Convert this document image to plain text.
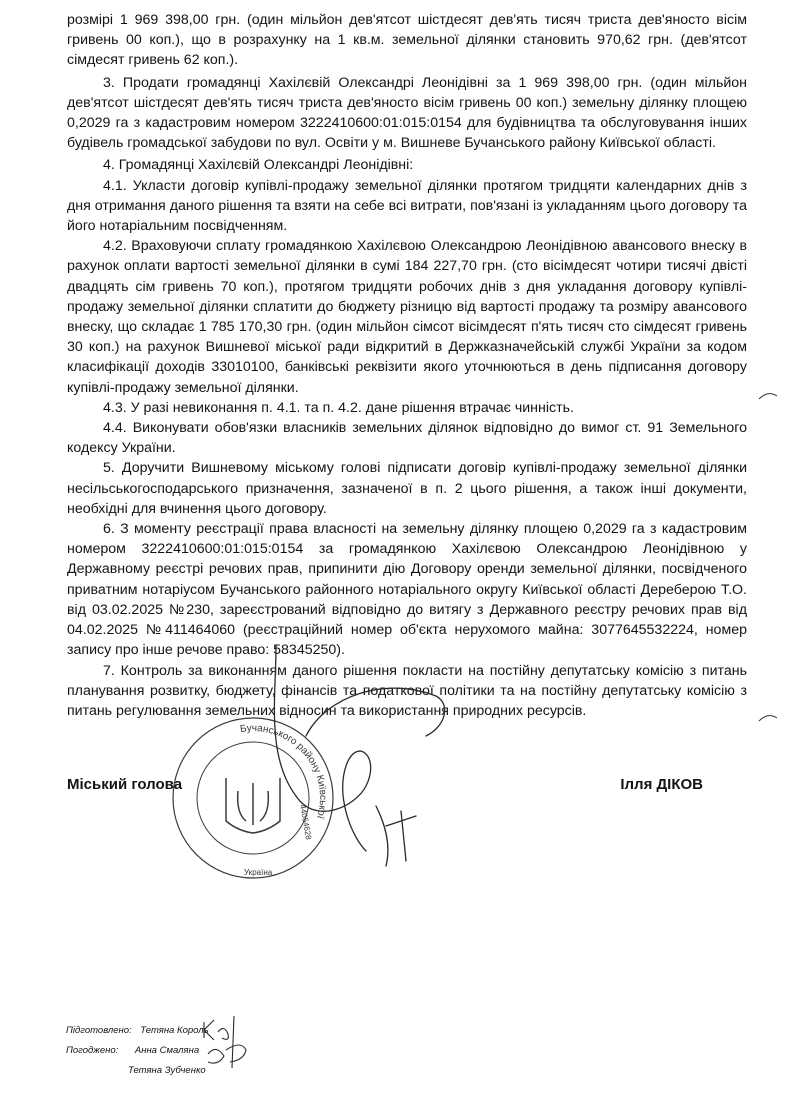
розмірі 1 969 398,00 грн. (один мільйон дев'ятсот шістдесят дев'ять тисяч триста дев'яносто вісім гривень 00 коп.), що в розрахунку на 1 кв.м. земельної ділянки становить 970,62 грн. (дев'ятсот сімдесят гривень 62 коп.).

3. Продати громадянці Хахілєвій Олександрі Леонідівні за 1 969 398,00 грн. (один мільйон дев'ятсот шістдесят дев'ять тисяч триста дев'яносто вісім гривень 00 коп.) земельну ділянку площею 0,2029 га з кадастровим номером 3222410600:01:015:0154 для будівництва та обслуговування інших будівель громадської забудови по вул. Освіти у м. Вишневе Бучанського району Київської області.

4. Громадянці Хахілєвій Олександрі Леонідівні:

4.1. Укласти договір купівлі-продажу земельної ділянки протягом тридцяти календарних днів з дня отримання даного рішення та взяти на себе всі витрати, пов'язані із укладанням цього договору та його нотаріальним посвідченням.

4.2. Враховуючи сплату громадянкою Хахілєвою Олександрою Леонідівною авансового внеску в рахунок оплати вартості земельної ділянки в сумі 184 227,70 грн. (сто вісімдесят чотири тисячі двісті двадцять сім гривень 70 коп.), протягом тридцяти робочих днів з дня укладання договору купівлі-продажу земельної ділянки сплатити до бюджету різницю від вартості продажу та розміру авансового внеску, що складає 1 785 170,30 грн. (один мільйон сімсот вісімдесят п'ять тисяч сто сімдесят гривень 30 коп.) на рахунок Вишневої міської ради відкритий в Держказначейській службі України за кодом класифікації доходів 33010100, банківські реквізити якого уточнюються в день підписання договору купівлі-продажу земельної ділянки.

4.3. У разі невиконання п. 4.1. та п. 4.2. дане рішення втрачає чинність.

4.4. Виконувати обов'язки власників земельних ділянок відповідно до вимог ст. 91 Земельного кодексу України.

5. Доручити Вишневому міському голові підписати договір купівлі-продажу земельної ділянки несільськогосподарського призначення, зазначеної в п. 2 цього рішення, а також інші документи, необхідні для вчинення цього договору.

6. З моменту реєстрації права власності на земельну ділянку площею 0,2029 га з кадастровим номером 3222410600:01:015:0154 за громадянкою Хахілєвою Олександрою Леонідівною у Державному реєстрі речових прав, припинити дію Договору оренди земельної ділянки, посвідченого приватним нотаріусом Бучанського районного нотаріального округу Київської області Дереберою Т.О. від 03.02.2025 №230, зареєстрований відповідно до витягу з Державного реєстру речових прав від 04.02.2025 №411464060 (реєстраційний номер об'єкта нерухомого майна: 3077645532224, номер запису про інше речове право: 58345250).

7. Контроль за виконанням даного рішення покласти на постійну депутатську комісію з питань планування розвитку, бюджету, фінансів та податкової політики та на постійну депутатську комісію з питань регулювання земельних відносин та використання природних ресурсів.

Міський голова	Ілля ДІКОВ
Бучанського району Київської
44054628
Україна
Підготовлено: Тетяна Король
Погоджено: Анна Смаляна
Тетяна Зубченко
